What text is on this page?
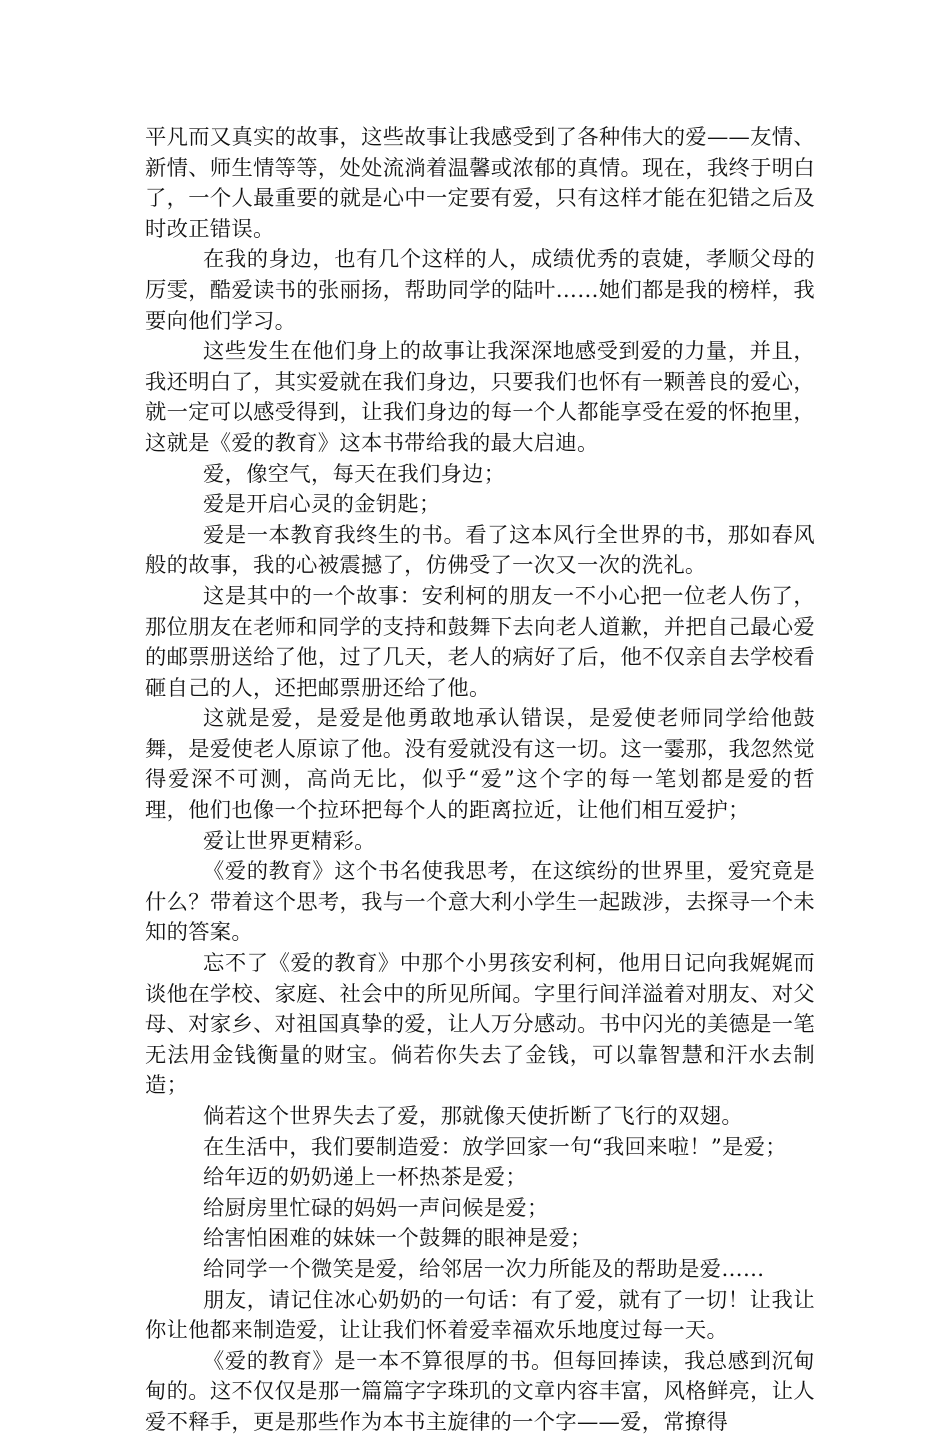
平凡而又真实的故事，这些故事让我感受到了各种伟大的爱——友情、新情、师生情等等，处处流淌着温馨或浓郁的真情。现在，我终于明白了，一个人最重要的就是心中一定要有爱，只有这样才能在犯错之后及时改正错误。

在我的身边，也有几个这样的人，成绩优秀的袁婕，孝顺父母的厉雯，酷爱读书的张丽扬，帮助同学的陆叶……她们都是我的榜样，我要向他们学习。

这些发生在他们身上的故事让我深深地感受到爱的力量，并且，我还明白了，其实爱就在我们身边，只要我们也怀有一颗善良的爱心，就一定可以感受得到，让我们身边的每一个人都能享受在爱的怀抱里，这就是《爱的教育》这本书带给我的最大启迪。

爱，像空气，每天在我们身边；

爱是开启心灵的金钥匙；

爱是一本教育我终生的书。看了这本风行全世界的书，那如春风般的故事，我的心被震撼了，仿佛受了一次又一次的洗礼。

这是其中的一个故事：安利柯的朋友一不小心把一位老人伤了，那位朋友在老师和同学的支持和鼓舞下去向老人道歉，并把自己最心爱的邮票册送给了他，过了几天，老人的病好了后，他不仅亲自去学校看砸自己的人，还把邮票册还给了他。

这就是爱，是爱是他勇敢地承认错误，是爱使老师同学给他鼓舞，是爱使老人原谅了他。没有爱就没有这一切。这一霎那，我忽然觉得爱深不可测，高尚无比，似乎“爱”这个字的每一笔划都是爱的哲理，他们也像一个拉环把每个人的距离拉近，让他们相互爱护；

爱让世界更精彩。

《爱的教育》这个书名使我思考，在这缤纷的世界里，爱究竟是什么？带着这个思考，我与一个意大利小学生一起跋涉，去探寻一个未知的答案。

忘不了《爱的教育》中那个小男孩安利柯，他用日记向我娓娓而谈他在学校、家庭、社会中的所见所闻。字里行间洋溢着对朋友、对父母、对家乡、对祖国真挚的爱，让人万分感动。书中闪光的美德是一笔无法用金钱衡量的财宝。倘若你失去了金钱，可以靠智慧和汗水去制造；

倘若这个世界失去了爱，那就像天使折断了飞行的双翅。

在生活中，我们要制造爱：放学回家一句“我回来啦！”是爱；

给年迈的奶奶递上一杯热茶是爱；

给厨房里忙碌的妈妈一声问候是爱；

给害怕困难的妹妹一个鼓舞的眼神是爱；

给同学一个微笑是爱，给邻居一次力所能及的帮助是爱……

朋友，请记住冰心奶奶的一句话：有了爱，就有了一切！让我让你让他都来制造爱，让让我们怀着爱幸福欢乐地度过每一天。

《爱的教育》是一本不算很厚的书。但每回捧读，我总感到沉甸甸的。这不仅仅是那一篇篇字字珠玑的文章内容丰富，风格鲜亮，让人爱不释手，更是那些作为本书主旋律的一个字——爱，常撩得
